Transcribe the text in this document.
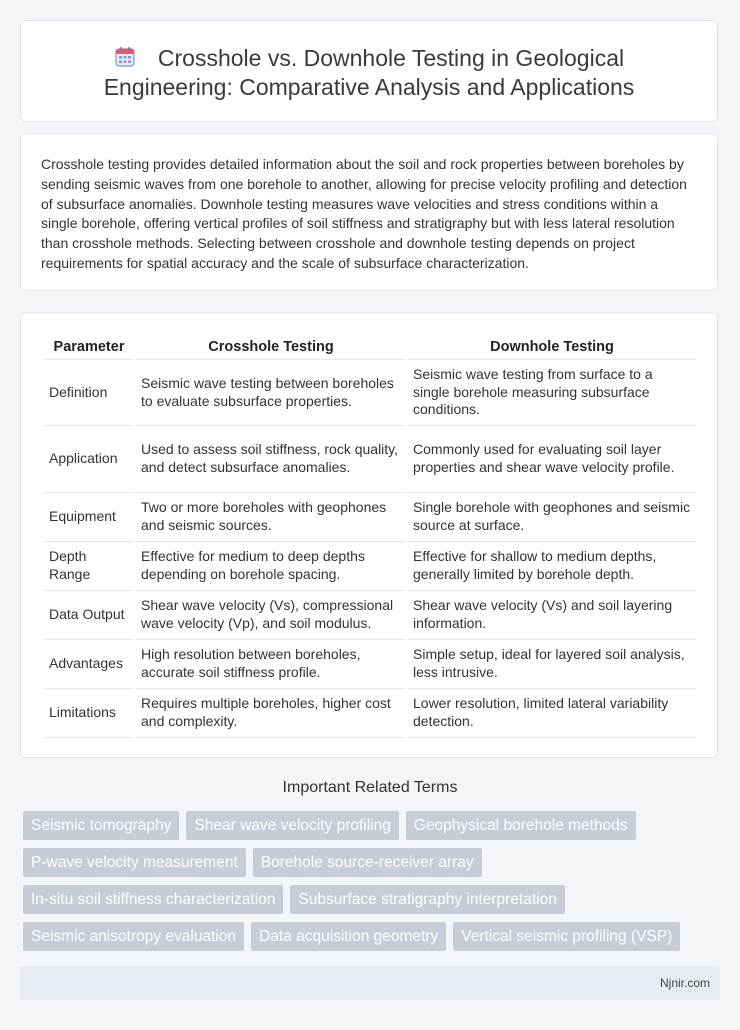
Crosshole vs. Downhole Testing in Geological Engineering: Comparative Analysis and Applications

Crosshole testing provides detailed information about the soil and rock properties between boreholes by sending seismic waves from one borehole to another, allowing for precise velocity profiling and detection of subsurface anomalies. Downhole testing measures wave velocities and stress conditions within a single borehole, offering vertical profiles of soil stiffness and stratigraphy but with less lateral resolution than crosshole methods. Selecting between crosshole and downhole testing depends on project requirements for spatial accuracy and the scale of subsurface characterization.

Parameter	Crosshole Testing	Downhole Testing
Definition	Seismic wave testing between boreholes to evaluate subsurface properties.	Seismic wave testing from surface to a single borehole measuring subsurface conditions.
Application	Used to assess soil stiffness, rock quality, and detect subsurface anomalies.	Commonly used for evaluating soil layer properties and shear wave velocity profile.
Equipment	Two or more boreholes with geophones and seismic sources.	Single borehole with geophones and seismic source at surface.
Depth Range	Effective for medium to deep depths depending on borehole spacing.	Effective for shallow to medium depths, generally limited by borehole depth.
Data Output	Shear wave velocity (Vs), compressional wave velocity (Vp), and soil modulus.	Shear wave velocity (Vs) and soil layering information.
Advantages	High resolution between boreholes, accurate soil stiffness profile.	Simple setup, ideal for layered soil analysis, less intrusive.
Limitations	Requires multiple boreholes, higher cost and complexity.	Lower resolution, limited lateral variability detection.
Important Related Terms
Seismic tomography	Shear wave velocity profiling	Geophysical borehole methods
P-wave velocity measurement	Borehole source-receiver array
In-situ soil stiffness characterization	Subsurface stratigraphy interpretation
Seismic anisotropy evaluation	Data acquisition geometry	Vertical seismic profiling (VSP)
Njnir.com
